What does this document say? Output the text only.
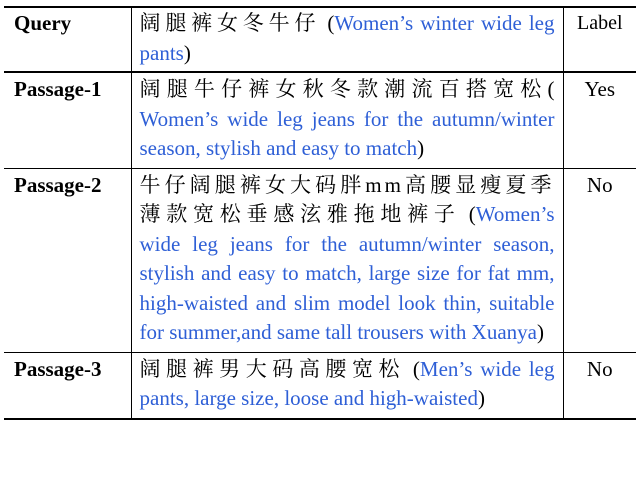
Query	阔腿裤女冬牛仔 (Women’s winter wide leg pants)	Label
Passage-1	阔腿牛仔裤女秋冬款潮流百搭宽松( Women’s wide leg jeans for the autumn/winter season, stylish and easy to match)	Yes
Passage-2	牛仔阔腿裤女大码胖mm高腰显瘦夏季薄款宽松垂感泫雅拖地裤子 (Women’s wide leg jeans for the autumn/winter season, stylish and easy to match, large size for fat mm, high-waisted and slim model look thin, suitable for summer,and same tall trousers with Xuanya)	No
Passage-3	阔腿裤男大码高腰宽松 (Men’s wide leg pants, large size, loose and high-waisted)	No
